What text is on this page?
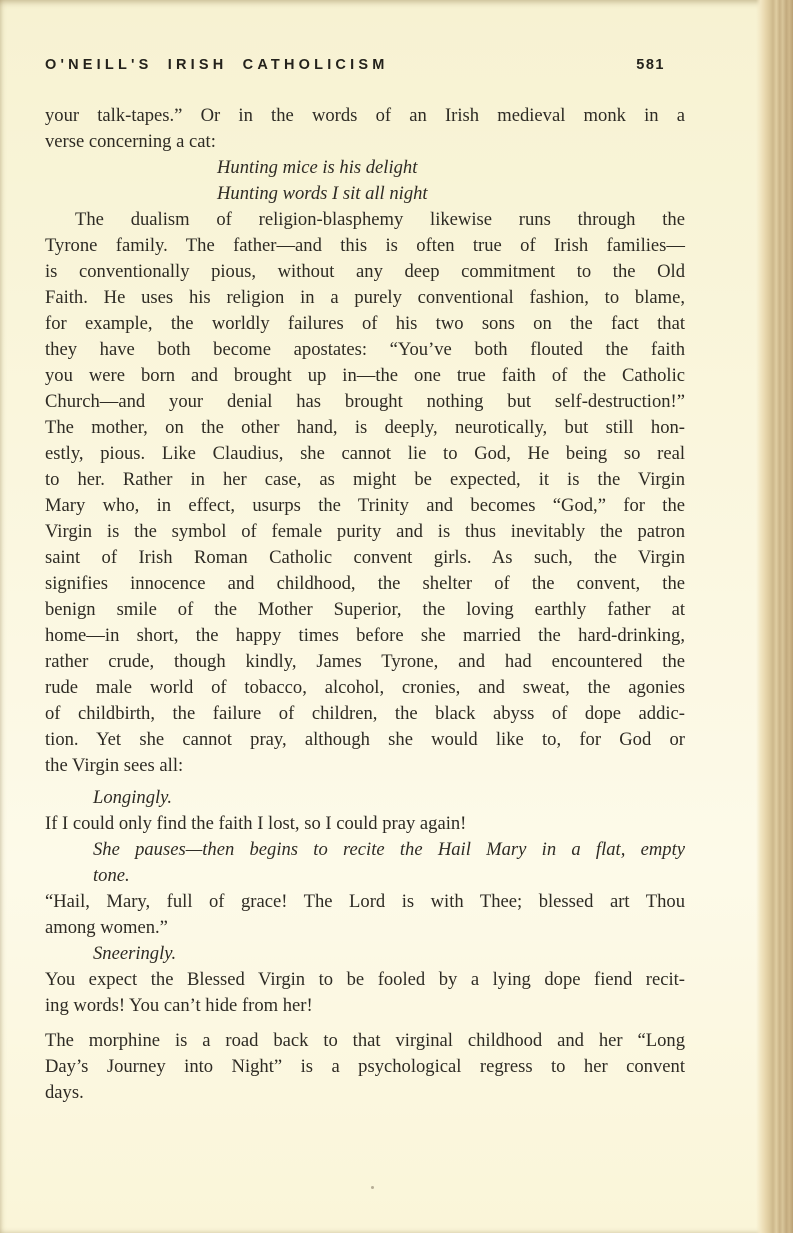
O'NEILL'S IRISH CATHOLICISM	581
your talk-tapes.” Or in the words of an Irish medieval monk in a
verse concerning a cat:
Hunting mice is his delight
Hunting words I sit all night
The dualism of religion-blasphemy likewise runs through the
Tyrone family. The father—and this is often true of Irish families—
is conventionally pious, without any deep commitment to the Old
Faith. He uses his religion in a purely conventional fashion, to blame,
for example, the worldly failures of his two sons on the fact that
they have both become apostates: “You’ve both flouted the faith
you were born and brought up in—the one true faith of the Catholic
Church—and your denial has brought nothing but self-destruction!”
The mother, on the other hand, is deeply, neurotically, but still hon-
estly, pious. Like Claudius, she cannot lie to God, He being so real
to her. Rather in her case, as might be expected, it is the Virgin
Mary who, in effect, usurps the Trinity and becomes “God,” for the
Virgin is the symbol of female purity and is thus inevitably the patron
saint of Irish Roman Catholic convent girls. As such, the Virgin
signifies innocence and childhood, the shelter of the convent, the
benign smile of the Mother Superior, the loving earthly father at
home—in short, the happy times before she married the hard-drinking,
rather crude, though kindly, James Tyrone, and had encountered the
rude male world of tobacco, alcohol, cronies, and sweat, the agonies
of childbirth, the failure of children, the black abyss of dope addic-
tion. Yet she cannot pray, although she would like to, for God or
the Virgin sees all:
Longingly.
If I could only find the faith I lost, so I could pray again!
She pauses—then begins to recite the Hail Mary in a flat, empty
tone.
“Hail, Mary, full of grace! The Lord is with Thee; blessed art Thou
among women.”
Sneeringly.
You expect the Blessed Virgin to be fooled by a lying dope fiend recit-
ing words! You can’t hide from her!
The morphine is a road back to that virginal childhood and her “Long
Day’s Journey into Night” is a psychological regress to her convent
days.
